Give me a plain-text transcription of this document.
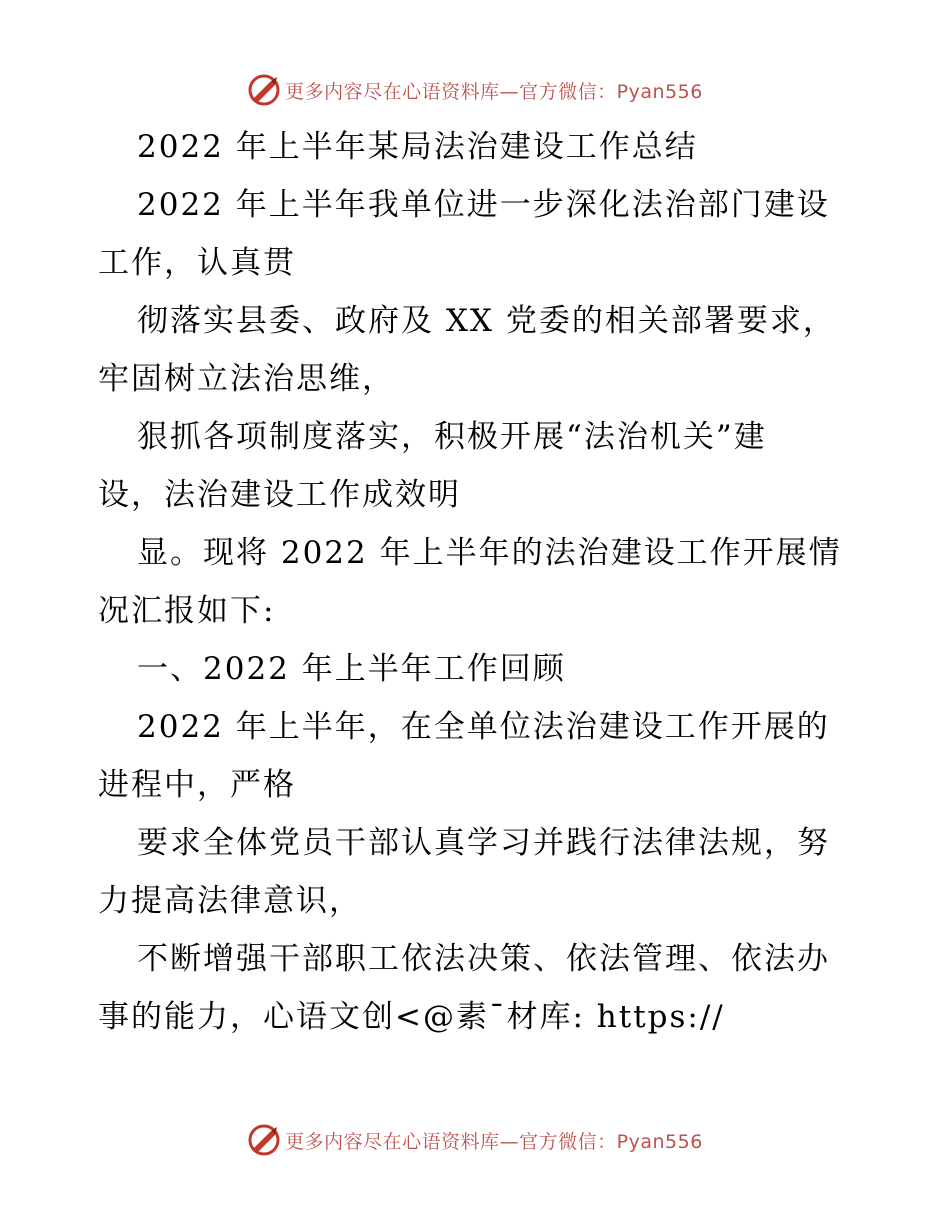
更多内容尽在心语资料库—官方微信：Pyan556
2022 年上半年某局法治建设工作总结
2022 年上半年我单位进一步深化法治部门建设
工作，认真贯
彻落实县委、政府及 XX 党委的相关部署要求，
牢固树立法治思维，
狠抓各项制度落实，积极开展“法治机关”建
设，法治建设工作成效明
显。现将 2022 年上半年的法治建设工作开展情
况汇报如下:
一、2022 年上半年工作回顾
2022 年上半年，在全单位法治建设工作开展的
进程中，严格
要求全体党员干部认真学习并践行法律法规，努
力提高法律意识，
不断增强干部职工依法决策、依法管理、依法办
事的能力，心语文创<@素¯材库: https://
更多内容尽在心语资料库—官方微信：Pyan556
